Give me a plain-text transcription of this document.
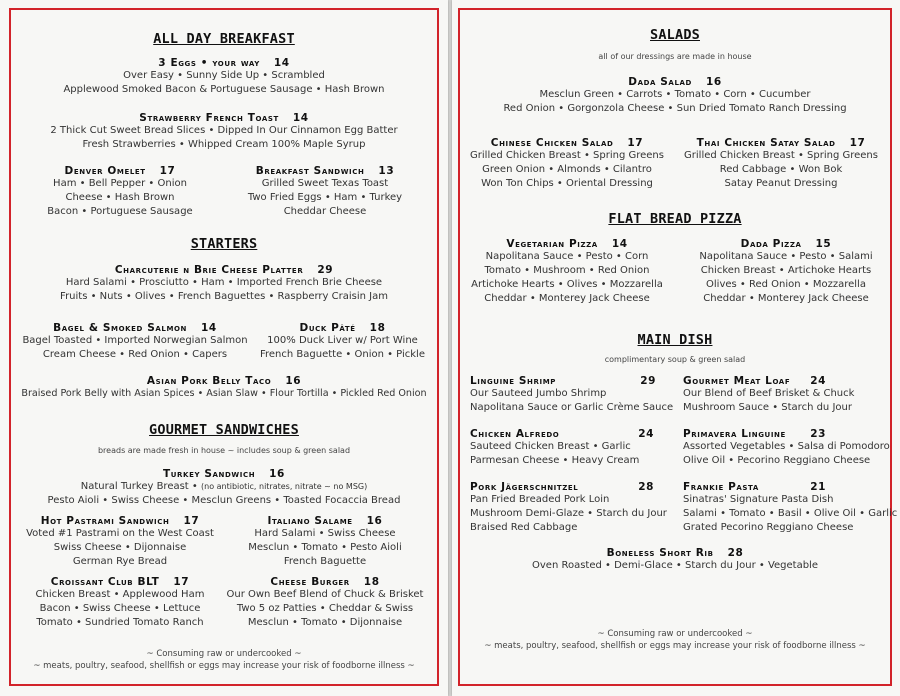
ALL DAY BREAKFAST
3 Eggs • your way 14
Over Easy • Sunny Side Up • Scrambled
Applewood Smoked Bacon & Portuguese Sausage • Hash Brown
Strawberry French Toast 14
2 Thick Cut Sweet Bread Slices • Dipped In Our Cinnamon Egg Batter
Fresh Strawberries • Whipped Cream 100% Maple Syrup
Denver Omelet 17
Ham • Bell Pepper • Onion
Cheese • Hash Brown
Bacon • Portuguese Sausage
Breakfast Sandwich 13
Grilled Sweet Texas Toast
Two Fried Eggs • Ham • Turkey
Cheddar Cheese
STARTERS
Charcuterie n Brie Cheese Platter 29
Hard Salami • Prosciutto • Ham • Imported French Brie Cheese
Fruits • Nuts • Olives • French Baguettes • Raspberry Craisin Jam
Bagel & Smoked Salmon 14
Bagel Toasted • Imported Norwegian Salmon
Cream Cheese • Red Onion • Capers
Duck Pâté 18
100% Duck Liver w/ Port Wine
French Baguette • Onion • Pickle
Asian Pork Belly Taco 16
Braised Pork Belly with Asian Spices • Asian Slaw • Flour Tortilla • Pickled Red Onion
GOURMET SANDWICHES
breads are made fresh in house ~ includes soup & green salad
Turkey Sandwich 16
Natural Turkey Breast • (no antibiotic, nitrates, nitrate ~ no MSG)
Pesto Aioli • Swiss Cheese • Mesclun Greens • Toasted Focaccia Bread
Hot Pastrami Sandwich 17
Voted #1 Pastrami on the West Coast
Swiss Cheese • Dijonnaise
German Rye Bread
Italiano Salame 16
Hard Salami • Swiss Cheese
Mesclun • Tomato • Pesto Aioli
French Baguette
Croissant Club BLT 17
Chicken Breast • Applewood Ham
Bacon • Swiss Cheese • Lettuce
Tomato • Sundried Tomato Ranch
Cheese Burger 18
Our Own Beef Blend of Chuck & Brisket
Two 5 oz Patties • Cheddar & Swiss
Mesclun • Tomato • Dijonnaise
~ Consuming raw or undercooked ~
~ meats, poultry, seafood, shellfish or eggs may increase your risk of foodborne illness ~
SALADS
all of our dressings are made in house
Dada Salad 16
Mesclun Green • Carrots • Tomato • Corn • Cucumber
Red Onion • Gorgonzola Cheese • Sun Dried Tomato Ranch Dressing
Chinese Chicken Salad 17
Grilled Chicken Breast • Spring Greens
Green Onion • Almonds • Cilantro
Won Ton Chips • Oriental Dressing
Thai Chicken Satay Salad 17
Grilled Chicken Breast • Spring Greens
Red Cabbage • Won Bok
Satay Peanut Dressing
FLAT BREAD PIZZA
Vegetarian Pizza 14
Napolitana Sauce • Pesto • Corn
Tomato • Mushroom • Red Onion
Artichoke Hearts • Olives • Mozzarella
Cheddar • Monterey Jack Cheese
Dada Pizza 15
Napolitana Sauce • Pesto • Salami
Chicken Breast • Artichoke Hearts
Olives • Red Onion • Mozzarella
Cheddar • Monterey Jack Cheese
MAIN DISH
complimentary soup & green salad
Linguine Shrimp	29
Our Sauteed Jumbo Shrimp
Napolitana Sauce or Garlic Crème Sauce
Gourmet Meat Loaf 24
Our Blend of Beef Brisket & Chuck
Mushroom Sauce • Starch du Jour
Chicken Alfredo	24
Sauteed Chicken Breast • Garlic
Parmesan Cheese • Heavy Cream
Primavera Linguine 23
Assorted Vegetables • Salsa di Pomodoro
Olive Oil • Pecorino Reggiano Cheese
Pork Jägerschnitzel	28
Pan Fried Breaded Pork Loin
Mushroom Demi-Glaze • Starch du Jour
Braised Red Cabbage
Frankie Pasta	21
Sinatras' Signature Pasta Dish
Salami • Tomato • Basil • Olive Oil • Garlic
Grated Pecorino Reggiano Cheese
Boneless Short Rib 28
Oven Roasted • Demi-Glace • Starch du Jour • Vegetable
~ Consuming raw or undercooked ~
~ meats, poultry, seafood, shellfish or eggs may increase your risk of foodborne illness ~
